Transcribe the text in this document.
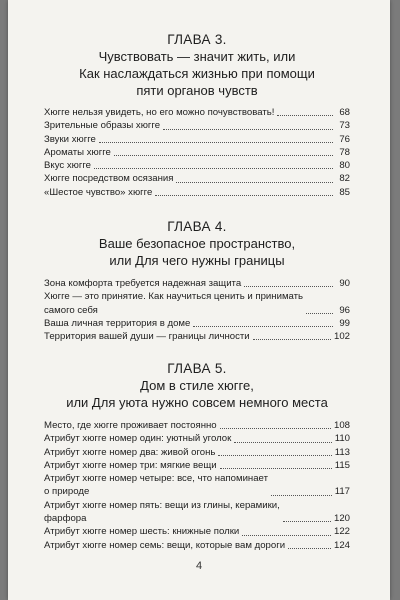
ГЛАВА 3.
Чувствовать — значит жить, или
Как наслаждаться жизнью при помощи
пяти органов чувств
Хюгге нельзя увидеть, но его можно почувствовать!	68
Зрительные образы хюгге	73
Звуки хюгге	76
Ароматы хюгге	78
Вкус хюгге	80
Хюгге посредством осязания	82
«Шестое чувство» хюгге	85
ГЛАВА 4.
Ваше безопасное пространство,
или Для чего нужны границы
Зона комфорта требуется надежная защита	90
Хюгге — это принятие. Как научиться ценить и принимать
самого себя	96
Ваша личная территория в доме	99
Территория вашей души — границы личности	102
ГЛАВА 5.
Дом в стиле хюгге,
или Для уюта нужно совсем немного места
Место, где хюгге проживает постоянно	108
Атрибут хюгге номер один: уютный уголок	110
Атрибут хюгге номер два: живой огонь	113
Атрибут хюгге номер три: мягкие вещи	115
Атрибут хюгге номер четыре: все, что напоминает
о природе	117
Атрибут хюгге номер пять: вещи из глины, керамики,
фарфора	120
Атрибут хюгге номер шесть: книжные полки	122
Атрибут хюгге номер семь: вещи, которые вам дороги	124
4
